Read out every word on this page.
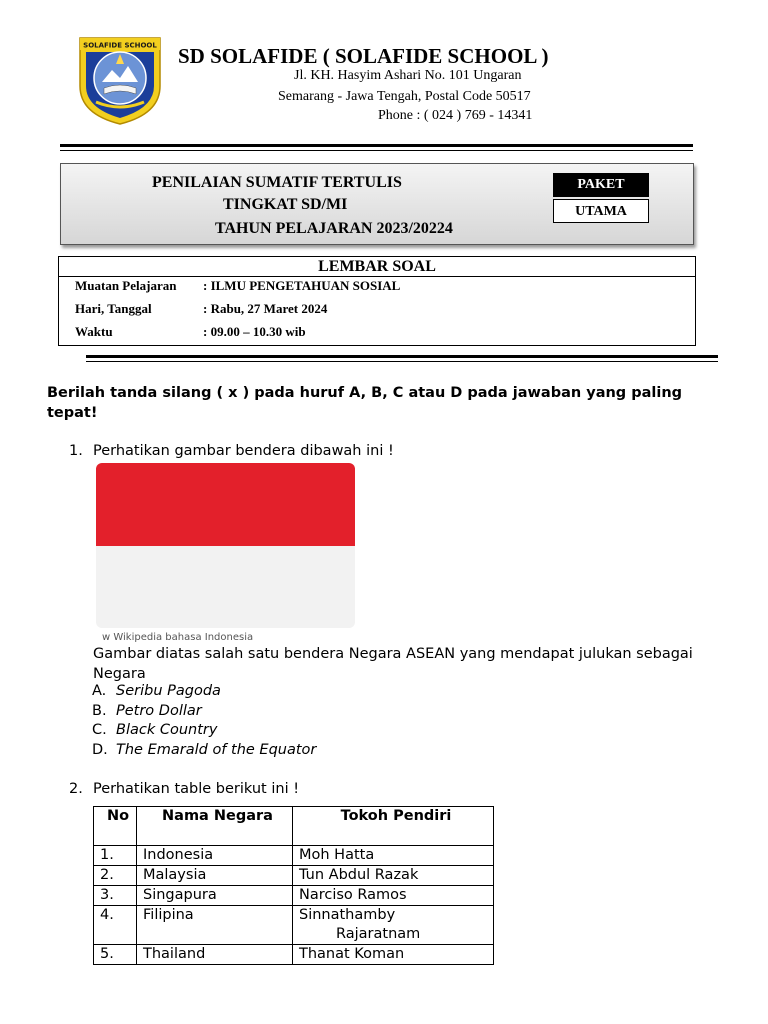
SOLAFIDE SCHOOL SD SOLAFIDE ( SOLAFIDE SCHOOL )
Jl. KH. Hasyim Ashari No. 101 Ungaran
Semarang - Jawa Tengah, Postal Code 50517
Phone : ( 024 ) 769 - 14341
PENILAIAN SUMATIF TERTULIS
TINGKAT SD/MI
TAHUN PELAJARAN 2023/20224
PAKET
UTAMA
LEMBAR SOAL
Muatan Pelajaran : ILMU PENGETAHUAN SOSIAL
Hari, Tanggal	: Rabu, 27 Maret 2024
Waktu	: 09.00 – 10.30 wib
Berilah tanda silang ( x ) pada huruf A, B, C atau D pada jawaban yang paling tepat!
1. Perhatikan gambar bendera dibawah ini !
w Wikipedia bahasa Indonesia
Gambar diatas salah satu bendera Negara ASEAN yang mendapat julukan sebagai Negara
A. Seribu Pagoda
B. Petro Dollar
C. Black Country
D. The Emarald of the Equator
2. Perhatikan table berikut ini !
No	Nama Negara	Tokoh Pendiri
1.	Indonesia	Moh Hatta
2.	Malaysia	Tun Abdul Razak
3.	Singapura	Narciso Ramos
4.	Filipina	Sinnathamby
Rajaratnam

5.	Thailand	Thanat Koman
